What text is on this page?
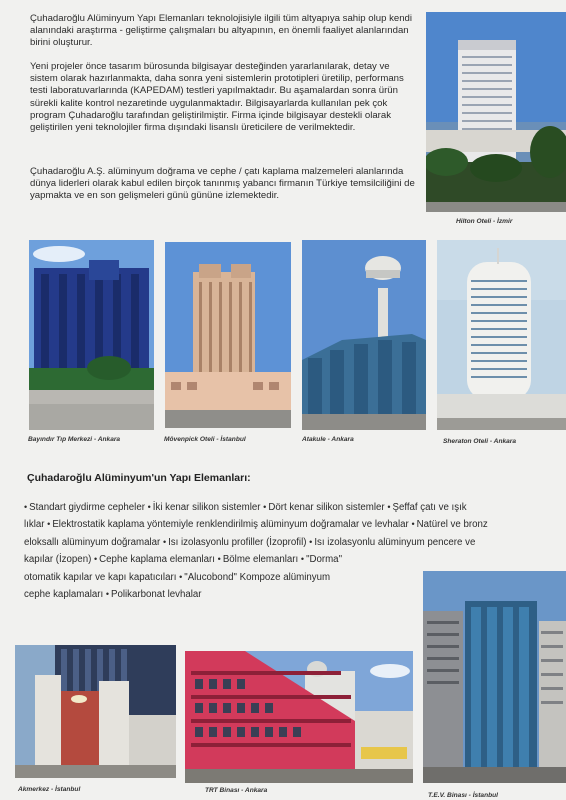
Çuhadaroğlu Alüminyum Yapı Elemanları teknolojisiyle ilgili tüm altyapıya sahip olup kendi alanındaki araştırma - geliştirme çalışmaları bu altyapının, en önemli faaliyet alanlarından birini oluşturur.

Yeni projeler önce tasarım bürosunda bilgisayar desteğinden yararlanılarak, detay ve sistem olarak hazırlanmakta, daha sonra yeni sistemlerin prototipleri üretilip, performans testi laboratuvarlarında (KAPEDAM) testleri yapılmaktadır. Bu aşamalardan sonra ürün sürekli kalite kontrol nezaretinde uygulanmaktadır. Bilgisayarlarda kullanılan pek çok program Çuhadaroğlu tarafından geliştirilmiştir. Firma içinde bilgisayar destekli olarak geliştirilen yeni teknolojiler firma dışındaki lisanslı üreticilere de verilmektedir.

Çuhadaroğlu A.Ş. alüminyum doğrama ve cephe / çatı kaplama malzemeleri alanlarında dünya liderleri olarak kabul edilen birçok tanınmış yabancı firmanın Türkiye temsilciliğini de yapmakta ve en son gelişmeleri günü gününe izlemektedir.

Hilton Oteli - İzmir
Bayındır Tıp Merkezi - Ankara	Mövenpick Oteli - İstanbul	Atakule - Ankara	Sheraton Oteli - Ankara
Çuhadaroğlu Alüminyum'un Yapı Elemanları:
• Standart giydirme cepheler • İki kenar silikon sistemler • Dört kenar silikon sistemler • Şeffaf çatı ve ışık
lıklar • Elektrostatik kaplama yöntemiyle renklendirilmiş alüminyum doğramalar ve levhalar • Natürel ve bronz
eloksallı alüminyum doğramalar • Isı izolasyonlu profiller (İzoprofil) • Isı izolasyonlu alüminyum pencere ve
kapılar (İzopen) • Cephe kaplama elemanları • Bölme elemanları • "Dorma"
otomatik kapılar ve kapı kapatıcıları • "Alucobond" Kompoze alüminyum
cephe kaplamaları • Polikarbonat levhalar
T.E.V. Binası - İstanbul
Akmerkez - İstanbul	TRT Binası - Ankara
